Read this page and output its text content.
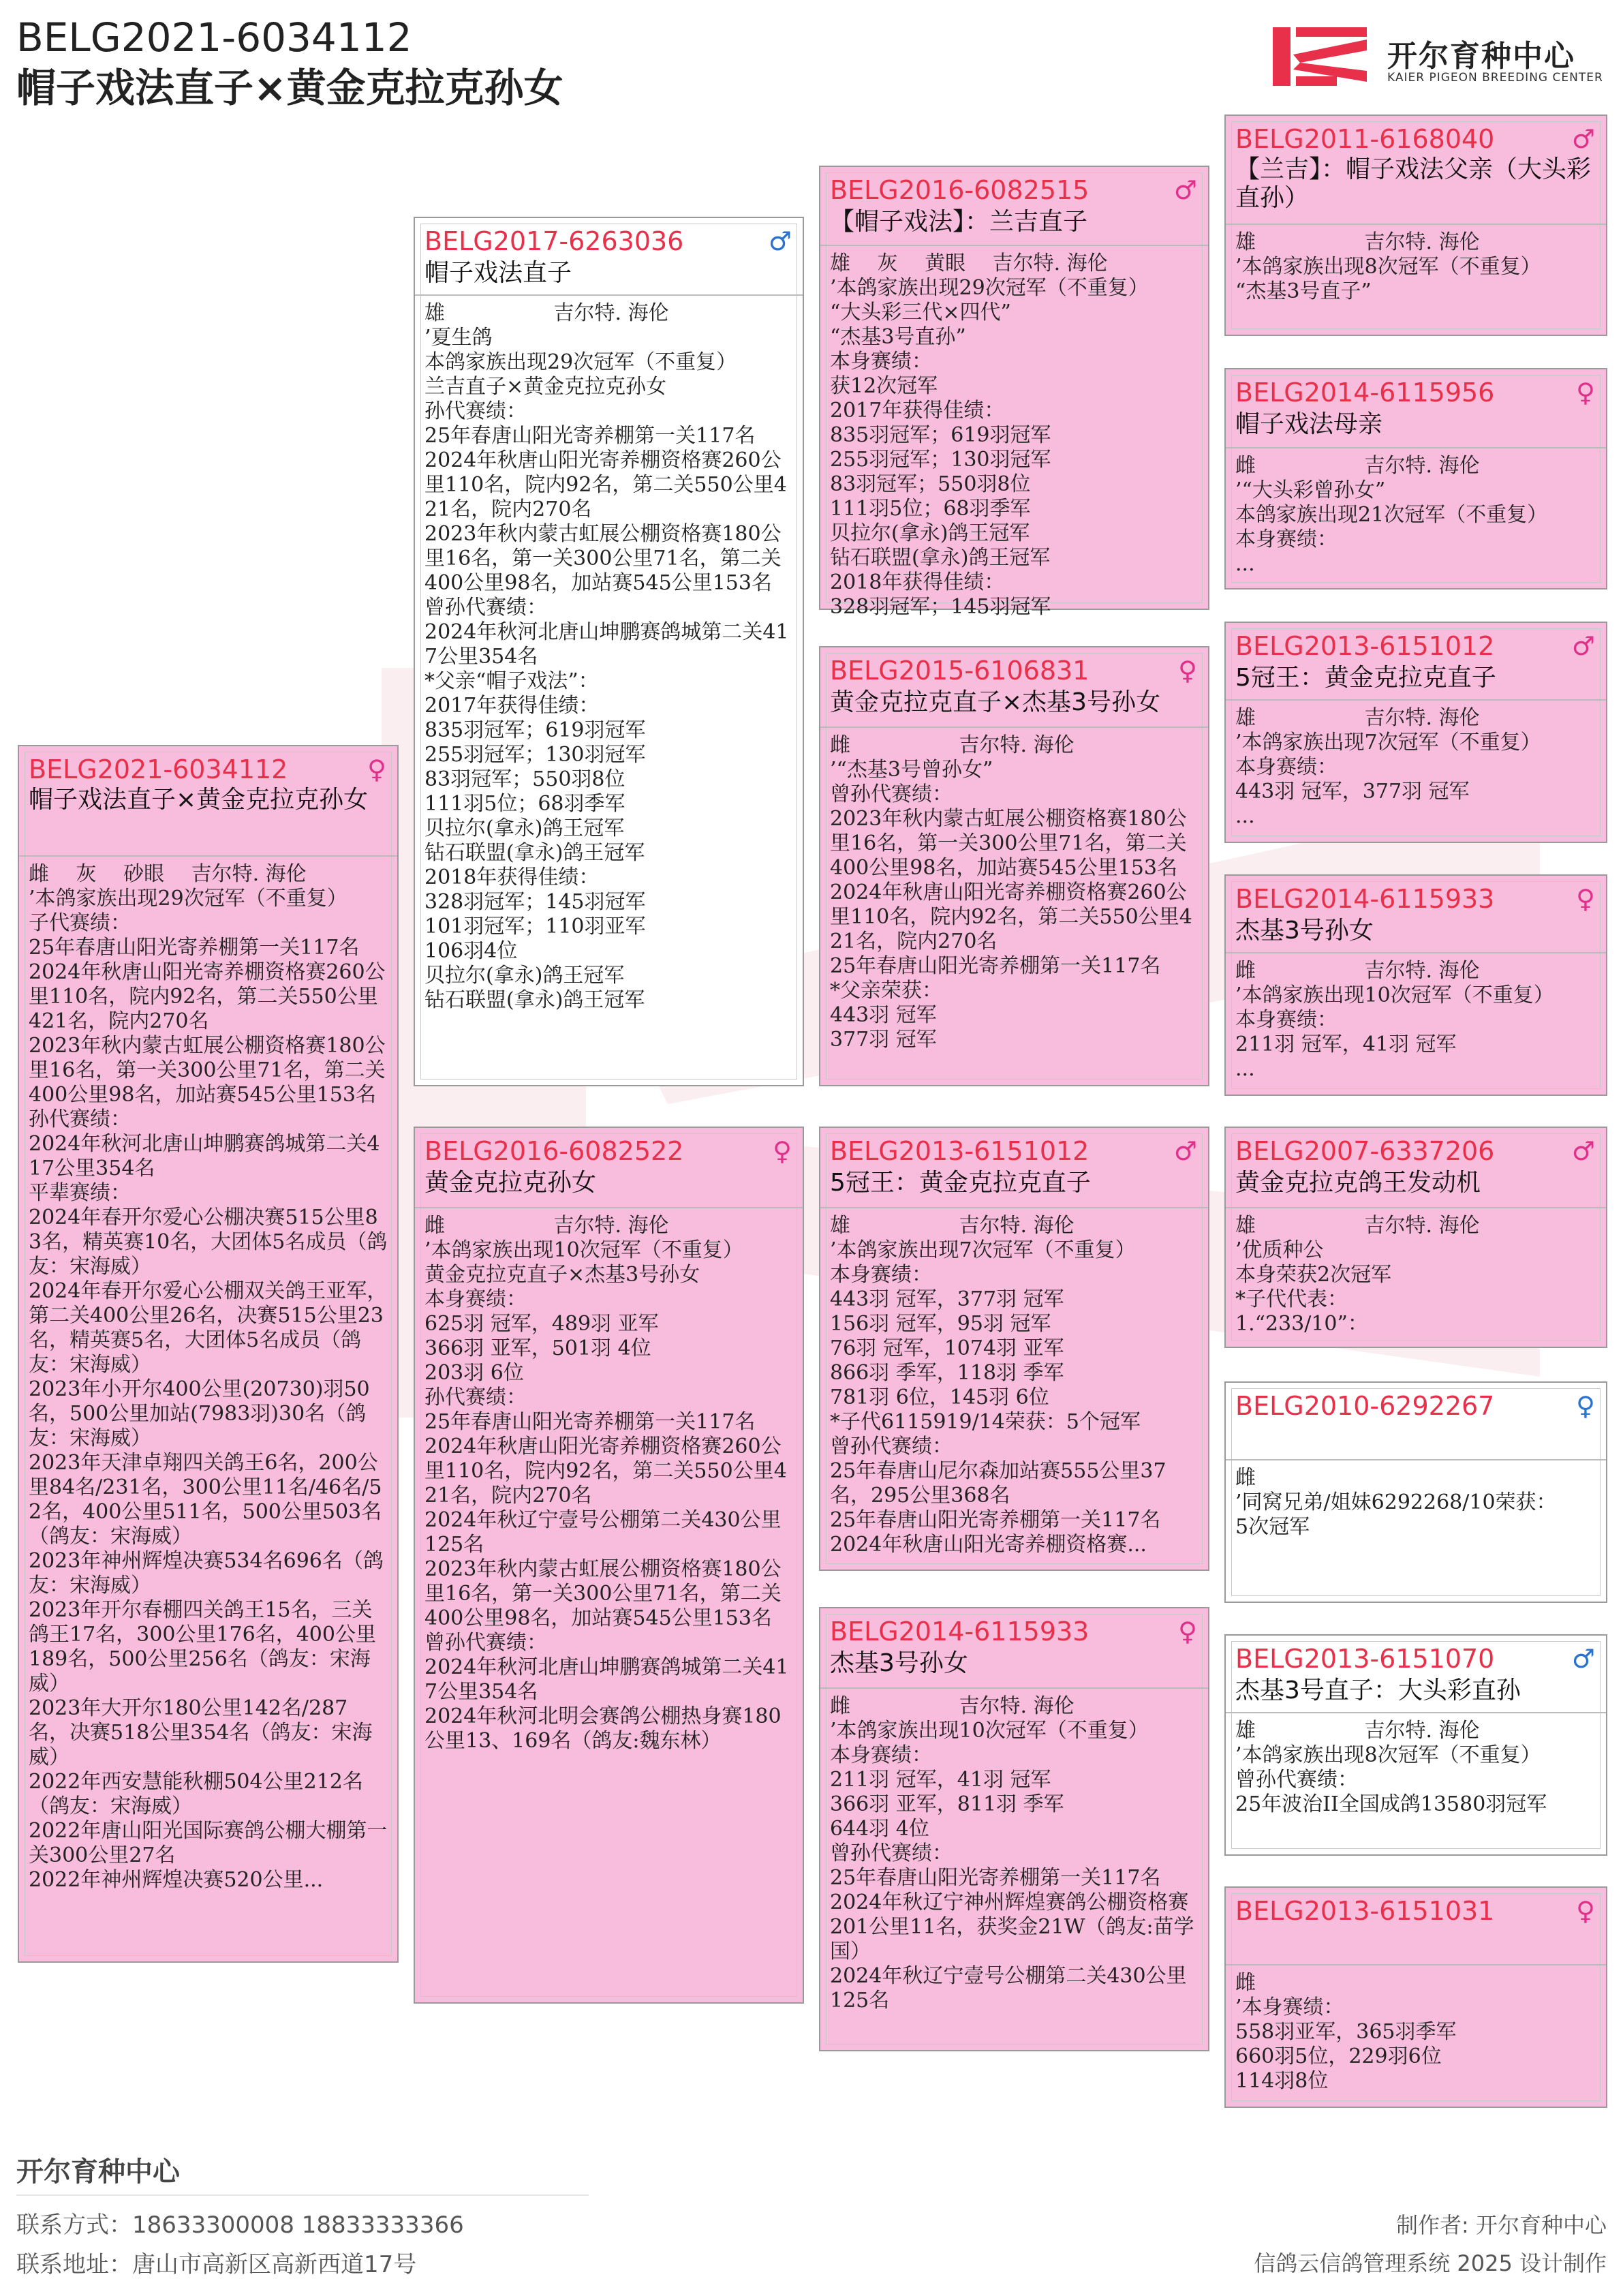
BELG2021-6034112
帽子戏法直子×黄金克拉克孙女
开尔育种中心
KAIER PIGEON BREEDING CENTER
BELG2021-6034112	♀
帽子戏法直子×黄金克拉克孙女
雌　 灰　 砂眼　 吉尔特. 海伦
’本鸽家族出现29次冠军（不重复）
子代赛绩：
25年春唐山阳光寄养棚第一关117名
2024年秋唐山阳光寄养棚资格赛260公里110名，院内92名，第二关550公里421名，院内270名
2023年秋内蒙古虹展公棚资格赛180公里16名，第一关300公里71名，第二关400公里98名，加站赛545公里153名
孙代赛绩：
2024年秋河北唐山坤鹏赛鸽城第二关417公里354名
平辈赛绩：
2024年春开尔爱心公棚决赛515公里83名，精英赛10名，大团体5名成员（鸽友：宋海威）
2024年春开尔爱心公棚双关鸽王亚军，第二关400公里26名，决赛515公里23名，精英赛5名，大团体5名成员（鸽友：宋海威）
2023年小开尔400公里(20730)羽50名，500公里加站(7983羽)30名（鸽友：宋海威）
2023年天津卓翔四关鸽王6名，200公里84名/231名，300公里11名/46名/52名，400公里511名，500公里503名（鸽友：宋海威）
2023年神州辉煌决赛534名696名（鸽友：宋海威）
2023年开尔春棚四关鸽王15名，三关鸽王17名，300公里176名，400公里189名，500公里256名（鸽友：宋海威）
2023年大开尔180公里142名/287名，决赛518公里354名（鸽友：宋海威）
2022年西安慧能秋棚504公里212名（鸽友：宋海威）
2022年唐山阳光国际赛鸽公棚大棚第一关300公里27名
2022年神州辉煌决赛520公里...
BELG2017-6263036	♂
帽子戏法直子
雄　　　　　 吉尔特. 海伦
’夏生鸽
本鸽家族出现29次冠军（不重复）
兰吉直子×黄金克拉克孙女
孙代赛绩：
25年春唐山阳光寄养棚第一关117名
2024年秋唐山阳光寄养棚资格赛260公里110名，院内92名，第二关550公里421名，院内270名
2023年秋内蒙古虹展公棚资格赛180公里16名，第一关300公里71名，第二关400公里98名，加站赛545公里153名
曾孙代赛绩：
2024年秋河北唐山坤鹏赛鸽城第二关417公里354名
*父亲“帽子戏法”：
2017年获得佳绩：
835羽冠军；619羽冠军
255羽冠军；130羽冠军
83羽冠军；550羽8位
111羽5位；68羽季军
贝拉尔(拿永)鸽王冠军
钻石联盟(拿永)鸽王冠军
2018年获得佳绩：
328羽冠军；145羽冠军
101羽冠军；110羽亚军
106羽4位
贝拉尔(拿永)鸽王冠军
钻石联盟(拿永)鸽王冠军
BELG2016-6082522	♀
黄金克拉克孙女
雌　　　　　 吉尔特. 海伦
’本鸽家族出现10次冠军（不重复）
黄金克拉克直子×杰基3号孙女
本身赛绩：
625羽 冠军，489羽 亚军
366羽 亚军，501羽 4位
203羽 6位
孙代赛绩：
25年春唐山阳光寄养棚第一关117名
2024年秋唐山阳光寄养棚资格赛260公里110名，院内92名，第二关550公里421名，院内270名
2024年秋辽宁壹号公棚第二关430公里125名
2023年秋内蒙古虹展公棚资格赛180公里16名，第一关300公里71名，第二关400公里98名，加站赛545公里153名
曾孙代赛绩：
2024年秋河北唐山坤鹏赛鸽城第二关417公里354名
2024年秋河北明会赛鸽公棚热身赛180公里13、169名（鸽友:魏东林）
BELG2016-6082515	♂
【帽子戏法】：兰吉直子
雄　 灰　 黄眼　 吉尔特. 海伦
’本鸽家族出现29次冠军（不重复）
“大头彩三代×四代”
“杰基3号直孙”
本身赛绩：
获12次冠军
2017年获得佳绩：
835羽冠军；619羽冠军
255羽冠军；130羽冠军
83羽冠军；550羽8位
111羽5位；68羽季军
贝拉尔(拿永)鸽王冠军
钻石联盟(拿永)鸽王冠军
2018年获得佳绩：
328羽冠军；145羽冠军
BELG2015-6106831	♀
黄金克拉克直子×杰基3号孙女
雌　　　　　 吉尔特. 海伦
’“杰基3号曾孙女”
曾孙代赛绩：
2023年秋内蒙古虹展公棚资格赛180公里16名，第一关300公里71名，第二关400公里98名，加站赛545公里153名
2024年秋唐山阳光寄养棚资格赛260公里110名，院内92名，第二关550公里421名，院内270名
25年春唐山阳光寄养棚第一关117名
*父亲荣获：
443羽 冠军
377羽 冠军
BELG2013-6151012	♂
5冠王：黄金克拉克直子
雄　　　　　 吉尔特. 海伦
’本鸽家族出现7次冠军（不重复）
本身赛绩：
443羽 冠军，377羽 冠军
156羽 冠军，95羽 冠军
76羽 冠军，1074羽 亚军
866羽 季军，118羽 季军
781羽 6位，145羽 6位
*子代6115919/14荣获：5个冠军
曾孙代赛绩：
25年春唐山尼尔森加站赛555公里37名，295公里368名
25年春唐山阳光寄养棚第一关117名
2024年秋唐山阳光寄养棚资格赛...
BELG2014-6115933	♀
杰基3号孙女
雌　　　　　 吉尔特. 海伦
’本鸽家族出现10次冠军（不重复）
本身赛绩：
211羽 冠军，41羽 冠军
366羽 亚军，811羽 季军
644羽 4位
曾孙代赛绩：
25年春唐山阳光寄养棚第一关117名
2024年秋辽宁神州辉煌赛鸽公棚资格赛201公里11名，获奖金21W（鸽友:苗学国）
2024年秋辽宁壹号公棚第二关430公里125名
BELG2011-6168040	♂
【兰吉】：帽子戏法父亲（大头彩直孙）
雄　　　　　 吉尔特. 海伦
’本鸽家族出现8次冠军（不重复）
“杰基3号直子”
BELG2014-6115956	♀
帽子戏法母亲
雌　　　　　 吉尔特. 海伦
’“大头彩曾孙女”
本鸽家族出现21次冠军（不重复）
本身赛绩：
...
BELG2013-6151012	♂
5冠王：黄金克拉克直子
雄　　　　　 吉尔特. 海伦
’本鸽家族出现7次冠军（不重复）
本身赛绩：
443羽 冠军，377羽 冠军
...
BELG2014-6115933	♀
杰基3号孙女
雌　　　　　 吉尔特. 海伦
’本鸽家族出现10次冠军（不重复）
本身赛绩：
211羽 冠军，41羽 冠军
...
BELG2007-6337206	♂
黄金克拉克鸽王发动机
雄　　　　　 吉尔特. 海伦
’优质种公
本身荣获2次冠军
*子代代表：
1.“233/10”：
BELG2010-6292267	♀
雌
’同窝兄弟/姐妹6292268/10荣获：
5次冠军
BELG2013-6151070	♂
杰基3号直子：大头彩直孙
雄　　　　　 吉尔特. 海伦
’本鸽家族出现8次冠军（不重复）
曾孙代赛绩：
25年波治II全国成鸽13580羽冠军
BELG2013-6151031	♀
雌
’本身赛绩：
558羽亚军，365羽季军
660羽5位，229羽6位
114羽8位
开尔育种中心
联系方式：18633300008 18833333366
联系地址：唐山市高新区高新西道17号
制作者: 开尔育种中心
信鸽云信鸽管理系统 2025 设计制作
